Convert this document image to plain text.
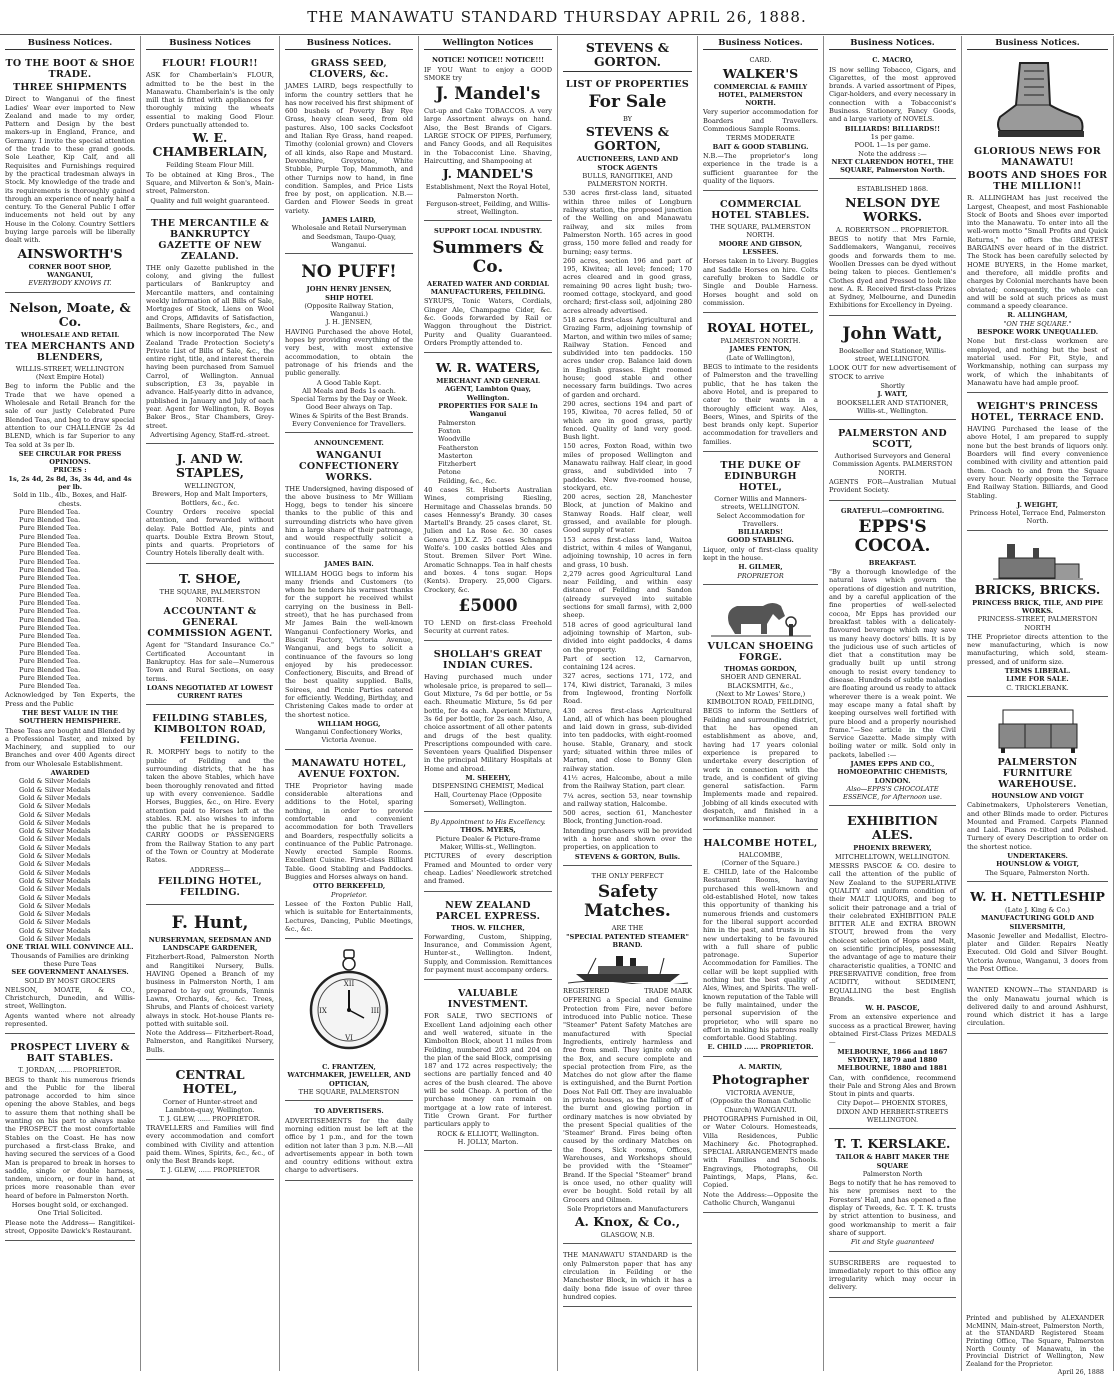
THE MANAWATU STANDARD THURSDAY APRIL 26, 1888.
Business Notices.
TO THE BOOT & SHOE TRADE.
THREE SHIPMENTS

Direct to Wanganui of the finest Ladies' Wear ever imported to New Zealand and made to my order, Pattern and Design by the best makers-up in England, France, and Germany. I invite the special attention of the trade to these grand goods. Sole Leather, Kip Calf, and all Requisites and Furnishings required by the practical tradesman always in Stock. My knowledge of the trade and its requirements is thoroughly gained through an experience of nearly half a century. To the General Public I offer inducements not held out by any House in the Colony. Country Settlers buying large parcels will be liberally dealt with.

AINSWORTH'S
CORNER BOOT SHOP, WANGANUI,
EVERYBODY KNOWS IT.
Nelson, Moate, & Co.
WHOLESALE AND RETAIL
TEA MERCHANTS AND BLENDERS,
WILLIS-STREET, WELLINGTON
(Next Empire Hotel)

Beg to inform the Public and the Trade that we have opened a Wholesale and Retail Branch for the sale of our justly Celebrated Pure Blended Teas, and beg to draw special attention to our CHALLENGE 2s 4d BLEND, which is far Superior to any Tea sold at 3s per lb.

SEE CIRCULAR FOR PRESS OPINIONS.
PRICES :
1s, 2s 4d, 2s 8d, 3s, 3s 4d, and 4s per lb.
Sold in 1lb., 4lb., Boxes, and Half-chests.
Pure Blended Tea.
Pure Blended Tea.
Pure Blended Tea.
Pure Blended Tea.
Pure Blended Tea.
Pure Blended Tea.
Pure Blended Tea.
Pure Blended Tea.
Pure Blended Tea.
Pure Blended Tea.
Pure Blended Tea.
Pure Blended Tea.
Pure Blended Tea.
Pure Blended Tea.
Pure Blended Tea.
Pure Blended Tea.
Pure Blended Tea.
Pure Blended Tea.
Pure Blended Tea.
Pure Blended Tea.
Pure Blended Tea.
Pure Blended Tea.

Acknowledged by Ten Experts, the Press and the Public

THE BEST VALUE IN THE SOUTHERN HEMISPHERE.

These Teas are bought and Blended by a Professional Taster, and mixed by Machinery, and supplied to our Branches and over 400 Agents direct from our Wholesale Establishment.

AWARDED
Gold & Silver Medals
Gold & Silver Medals
Gold & Silver Medals
Gold & Silver Medals
Gold & Silver Medals
Gold & Silver Medals
Gold & Silver Medals
Gold & Silver Medals
Gold & Silver Medals
Gold & Silver Medals
Gold & Silver Medals
Gold & Silver Medals
Gold & Silver Medals
Gold & Silver Medals
Gold & Silver Medals
Gold & Silver Medals
Gold & Silver Medals
Gold & Silver Medals
Gold & Silver Medals
Gold & Silver Medals
ONE TRIAL WILL CONVINCE ALL.
Thousands of Families are drinking these Pure Teas
SEE GOVERNMENT ANALYSES.
SOLD BY MOST GROCERS

NELSON, MOATE, & CO., Christchurch, Dunedin, and Willis-street, Wellington.

Agents wanted where not already represented.

PROSPECT LIVERY & BAIT STABLES.
T. JORDAN, ...... PROPRIETOR.

BEGS to thank his numerous friends and the Public for the liberal patronage accorded to him since opening the above Stables, and begs to assure them that nothing shall be wanting on his part to always make the PROSPECT the most comfortable Stables on the Coast. He has now purchased a first-class Brake, and having secured the services of a Good Man is prepared to break in horses to saddle, single or double harness, tandem, unicorn, or four in hand, at prices more reasonable than ever heard of before in Palmerston North.

Horses bought sold, or exchanged.
One Trial Solicited.

Please note the Address— Rangitikei-street, Opposite Dawick's Restaurant.

Business Notices
FLOUR! FLOUR!!

ASK for Chamberlain's FLOUR, admitted to be the best in the Manawatu. Chamberlain's is the only mill that is fitted with appliances for thoroughly mixing the wheats essential to making Good Flour. Orders punctually attended to.

W. E. CHAMBERLAIN,
Feilding Steam Flour Mill.

To be obtained at King Bros., The Square, and Milverton & Son's, Main-street, Palmerston.

Quality and full weight guaranteed.
THE MERCANTILE & BANKRUPTCY GAZETTE OF NEW ZEALAND.

THE only Gazette published in the colony, and giving the fullest particulars of Bankruptcy and Mercantile matters, and containing weekly information of all Bills of Sale, Mortgages of Stock, Liens on Wool and Crops, Affidavits of Satisfaction, Bailments, Share Registers, &c., and which is now incorporated The New Zealand Trade Protection Society's Private List of Bills of Sale, &c., the entire right, title, and interest therein having been purchased from Samuel Carrol, of Wellington. Annual subscription, £3 3s, payable in advance. Half-yearly ditto in advance, published in January and July of each year. Agent for Wellington, R. Boyes Baker Bros., Star Chambers, Grey-street.

Advertising Agency, Staff-rd.-street.
J. AND W. STAPLES,
WELLINGTON,
Brewers, Hop and Malt Importers, Bottlers, &c., &c.

Country Orders receive special attention, and forwarded without delay. Pale Bottled Ale, pints and quarts. Double Extra Brown Stout, pints and quarts. Proprietors of Country Hotels liberally dealt with.

T. SHOE,
THE SQUARE, PALMERSTON NORTH.
ACCOUNTANT & GENERAL COMMISSION AGENT.

Agent for "Standard Insurance Co." Certificated Accountant in Bankruptcy. Has for sale—Numerous Town and Rural Sections, on easy terms.

LOANS NEGOTIATED AT LOWEST CURRENT RATES
FEILDING STABLES, KIMBOLTON ROAD, FEILDING.

R. MORPHY begs to notify to the public of Feilding and the surrounding districts, that he has taken the above Stables, which have been thoroughly renovated and fitted up with every convenience. Saddle Horses, Buggies, &c., on Hire. Every attention paid to Horses left at the stables. R.M. also wishes to inform the public that he is prepared to CARRY GOODS or PASSENGERS from the Railway Station to any part of the Town or Country at Moderate Rates.

ADDRESS—
FEILDING HOTEL, FEILDING.
F. Hunt,
NURSERYMAN, SEEDSMAN AND LANDSCAPE GARDENER,

Fitzherbert-Road, Palmerston North and Rangitikei Nursery, Bulls. HAVING Opened a Branch of my business in Palmerston North, I am prepared to lay out grounds, Tennis Lawns, Orchards, &c., &c. Trees, Shrubs, and Plants of choicest variety always in stock. Hot-house Plants re-potted with suitable soil.

Note the Address— Fitzherbert-Road, Palmerston, and Rangitikei Nursery, Bulls.

CENTRAL HOTEL,
Corner of Hunter-street and Lambton-quay, Wellington.
T. J. GLEW, ...... PROPRIETOR.

TRAVELLERS and Families will find every accommodation and comfort combined with Civility and attention paid them. Wines, Spirits, &c., &c., of only the Best Brands kept.

T. J. GLEW, ...... PROPRIETOR
Business Notices.
GRASS SEED, CLOVERS, &c.

JAMES LAIRD, begs respectfully to inform the country settlers that he has now received his first shipment of 600 bushels of Poverty Bay Rye Grass, heavy clean seed, from old pastures. Also, 100 sacks Cocksfoot and Italian Rye Grass, hand reaped. Timothy (colonial grown) and Clovers of all kinds, also Rape and Mustard. Devonshire, Greystone, White Stubble, Purple Top, Mammoth, and other Turnips now to hand, in fine condition. Samples, and Price Lists free by post, on application. N.B.—Garden and Flower Seeds in great variety.

JAMES LAIRD,
Wholesale and Retail Nurseryman and Seedsman, Taupo-Quay, Wanganui.
NO PUFF!
JOHN HENRY JENSEN,
SHIP HOTEL
(Opposite Railway Station, Wanganui.)
J. H. JENSEN,

HAVING Purchased the above Hotel, hopes by providing everything of the very best, with most extensive accommodation, to obtain the patronage of his friends and the public generally.

A Good Table Kept.
All Meals and Beds 1s each.
Special Terms by the Day or Week.
Good Beer always on Tap.
Wines & Spirits of the Best Brands. Every Convenience for Travellers.
ANNOUNCEMENT.
WANGANUI CONFECTIONERY WORKS.

THE Undersigned, having disposed of the above business to Mr William Hogg, begs to tender his sincere thanks to the public of this and surrounding districts who have given him a large share of their patronage, and would respectfully solicit a continuance of the same for his successor.

JAMES BAIN.

WILLIAM HOGG begs to inform his many friends and Customers (to whom he tenders his warmest thanks for the support he received whilst carrying on the business in Bell-street), that he has purchased from Mr James Bain the well-known Wanganui Confectionery Works, and Biscuit Factory, Victoria Avenue, Wanganui, and begs to solicit a continuance of the favours so long enjoyed by his predecessor. Confectionery, Biscuits, and Bread of the best quality supplied. Balls, Soirees, and Picnic Parties catered for efficiently. Wedding, Birthday, and Christening Cakes made to order at the shortest notice.

WILLIAM HOGG,
Wanganui Confectionery Works, Victoria Avenue.
MANAWATU HOTEL, AVENUE FOXTON.

THE Proprietor having made considerable alterations and additions to the Hotel, sparing nothing, in order to provide comfortable and convenient accommodation for both Travellers and Boarders, respectfully solicits a continuance of the Public Patronage. Newly erected Sample Rooms. Excellent Cuisine. First-class Billiard Table. Good Stabling and Paddocks. Buggies and Horses always on hand.

OTTO BERKEFELD,
Proprietor.

Lessee of the Foxton Public Hall, which is suitable for Entertainments, Lectures, Dancing, Public Meetings, &c., &c.

XII
III
VI
IX
C. FRANTZEN,
WATCHMAKER, JEWELLER, AND OPTICIAN,
THE SQUARE, PALMERSTON
TO ADVERTISERS.

ADVERTISEMENTS for the daily morning edition must be left at the office by 1 p.m., and for the town edition not later than 3 p.m. N.B.—All advertisements appear in both town and country editions without extra charge to advertisers.

Wellington Notices
NOTICE! NOTICE!! NOTICE!!!

IF YOU Want to enjoy a GOOD SMOKE try

J. Mandel's

Cut-up and Cake TOBACCOS. A very large Assortment always on hand. Also, the Best Brands of Cigars. LARGE STOCK OF PIPES, Perfumery, and Fancy Goods, and all Requisites in the Tobacconist Line. Shaving, Haircutting, and Shampooing at

J. MANDEL'S
Establishment, Next the Royal Hotel, Palmerston North.
Ferguson-street, Feilding, and Willis-street, Wellington.
SUPPORT LOCAL INDUSTRY.
Summers & Co.
AERATED WATER AND CORDIAL MANUFACTURERS, FEILDING.

SYRUPS, Tonic Waters, Cordials, Ginger Ale, Champagne Cider, &c. &c. Goods forwarded by Rail or Waggon throughout the District. Purity and Quality Guaranteed. Orders Promptly attended to.

W. R. WATERS,
MERCHANT AND GENERAL AGENT, Lambton Quay, Wellington.
PROPERTIES FOR SALE In Wanganui
Palmerston
Foxton
Woodville
Featherston
Masterton
Fitzherbert
Petone
Feilding, &c., &c.

40 cases St. Huberts Australian Wines, comprising Riesling, Hermitage and Chasselas brands. 50 cases Hennessy's Brandy. 30 cases Martell's Brandy. 25 cases claret, St. Julien and La Rose &c. 30 cases Geneva J.D.K.Z. 25 cases Schnapps Wolfe's. 100 casks bottled Ales and Stout. Bremen Silver Port Wine. Aromatic Schnapps. Tea in half chests and boxes. 4 tons sugar. Hops (Kents). Drapery. 25,000 Cigars. Crockery, &c.

£5000

TO LEND on first-class Freehold Security at current rates.

SHOLLAH'S GREAT INDIAN CURES.

Having purchased much under wholesale price, is prepared to sell— Gout Mixture, 7s 6d per bottle, or 5s each. Rheumatic Mixture, 5s 6d per bottle, for 4s each. Aperient Mixture, 3s 6d per bottle, for 2s each. Also, A choice assortment of all other patents and drugs of the best quality. Prescriptions compounded with care. Seventeen years Qualified Dispenser in the principal Military Hospitals at Home and abroad.

M. SHEEHY,
DISPENSING CHEMIST, Medical Hall, Courtenay Place (Opposite Somerset), Wellington.
By Appointment to His Excellency.
THOS. MYERS,
Picture Dealer & Picture-frame Maker, Willis-st., Wellington.

PICTURES of every description Framed and Mounted to order very cheap. Ladies' Needlework stretched and framed.

NEW ZEALAND PARCEL EXPRESS.
THOS. W. FILCHER,

Forwarding, Custom, Shipping, Insurance, and Commission Agent, Hunter-st., Wellington. Indent, Supply, and Commission. Remittances for payment must accompany orders.

VALUABLE INVESTMENT.

FOR SALE, TWO SECTIONS of Excellent Land adjoining each other and well watered, situate in the Kimbolton Block, about 11 miles from Feilding, numbered 203 and 204 on the plan of the said Block, comprising 187 and 172 acres respectively; the sections are partially fenced and 40 acres of the bush cleared. The above will be sold Cheap. A portion of the purchase money can remain on mortgage at a low rate of interest. Title Crown Grant. For further particulars apply to

ROCK & ELLIOTT, Wellington.
H. JOLLY, Marton.
STEVENS & GORTON.
LIST OF PROPERTIES
For Sale
BY
STEVENS & GORTON,
AUCTIONEERS, LAND AND STOCK AGENTS
BULLS, RANGITIKEI, AND PALMERSTON NORTH.

530 acres first-class land, situated within three miles of Longburn railway station, the proposed junction of the Welling on and Manawatu railway, and six miles from Palmerston North. 165 acres in good grass, 150 more felled and ready for burning; easy terms.

260 acres, section 196 and part of 195, Kiwitea; all level; fenced; 170 acres cleared and in good grass, remaining 90 acres light bush; two-roomed cottage, stockyard, and good orchard; first-class soil, adjoining 280 acres already advertised.

518 acres first-class Agricultural and Grazing Farm, adjoining township of Marton, and within two miles of same; Railway Station. Fenced and subdivided into ten paddocks. 150 acres under crop. Balance laid down in English grasses. Eight roomed house; good stable and other necessary farm buildings. Two acres of garden and orchard.

290 acres, sections 194 and part of 195, Kiwitea, 70 acres felled, 50 of which are in good grass, partly fenced. Quality of land very good. Bush light.

150 acres, Foxton Road, within two miles of proposed Wellington and Manawatu railway. Half clear, in good grass, and subdivided into 7 paddocks. New five-roomed house, stockyard, etc.

200 acres, section 28, Manchester Block, at junction of Makino and Stanway Roads. Half clear, well grassed, and available for plough. Good supply of water.

153 acres first-class land, Waitoa district, within 4 miles of Wanganui, adjoining township, 10 acres in fern and grass, 10 bush.

2,279 acres good Agricultural Land near Feilding, and within easy distance of Feilding and Sandon (already surveyed into suitable sections for small farms), with 2,000 sheep.

518 acres of good agricultural land adjoining township of Marton, sub-divided into eight paddocks, 4 dams on the property.

Part of section 12, Carnarvon, containing 124 acres.

327 acres, sections 171, 172, and 174, Kiwi district, Taranaki, 3 miles from Inglewood, fronting Norfolk Road.

430 acres first-class Agricultural Land, all of which has been ploughed and laid down in grass, sub-divided into ten paddocks, with eight-roomed house. Stable, Granary, and stock yard; situated within three miles of Marton, and close to Bonny Glen railway station.

41½ acres, Halcombe, about a mile from the Railway Station, part clear.

7¼ acres, section 53, near township and railway station, Halcombe.

500 acres, section 61, Manchester Block, fronting Junction-road.

Intending purchasers will be provided with a horse and shown over the properties, on application to

STEVENS & GORTON, Bulls.
THE ONLY PERFECT
Safety Matches.
ARE THE
"SPECIAL PATENTED STEAMER" BRAND.
REGISTERED	TRADE MARK

OFFERING a Special and Genuine Protection from Fire, never before introduced into Public notice. These "Steamer" Patent Safety Matches are manufactured with Special Ingredients, entirely harmless and free from smell. They ignite only on the Box, and secure complete and special protection from Fire, as the Matches do not glow after the flame is extinguished, and the Burnt Portion Does Not Fall Off. They are invaluable in private houses, as the falling off of the burnt and glowing portion in ordinary matches is now obviated by the present Special qualities of the 'Steamer' Brand. Fires being often caused by the ordinary Matches on the floors, Sick rooms, Offices, Warehouses, and Workshops should be provided with the "Steamer" Brand. If the Special "Steamer" brand is once used, no other quality will ever be bought. Sold retail by all Grocers and Oilmen.

Sole Proprietors and Manufacturers
A. Knox, & Co.,
GLASGOW, N.B.

THE MANAWATU STANDARD is the only Palmerston paper that has any circulation in Feilding or the Manchester Block, in which it has a daily bona fide issue of over three hundred copies.

Business Notices.
CARD.
WALKER'S
COMMERCIAL & FAMILY HOTEL, PALMERSTON NORTH.

Very superior accommodation for Boarders and Travellers. Commodious Sample Rooms.

TERMS MODERATE
BAIT & GOOD STABLING.

N.B.—The proprietor's long experience in the trade is a sufficient guarantee for the quality of the liquors.

COMMERCIAL HOTEL STABLES.
THE SQUARE, PALMERSTON NORTH.
MOORE AND GIBSON, LESSEES.

Horses taken in to Livery. Buggies and Saddle Horses on hire. Colts carefully broken to Saddle or Single and Double Harness. Horses bought and sold on commission.

ROYAL HOTEL,
PALMERSTON NORTH.
JAMES FENTON,
(Late of Wellington),

BEGS to intimate to the residents of Palmerston and the travelling public, that he has taken the above Hotel, and is prepared to cater to their wants in a thoroughly efficient way. Ales, Beers, Wines, and Spirits of the best brands only kept. Superior accommodation for travellers and families.

THE DUKE OF EDINBURGH HOTEL,
Corner Willis and Manners-streets, WELLINGTON.
Select Accommodation for Travellers.
BILLIARDS!
GOOD STABLING.

Liquor, only of first-class quality kept in the house.

H. GILMER,
PROPRIETOR
VULCAN SHOEING FORGE.
THOMAS GORDON,
SHOER AND GENERAL BLACKSMITH, &c.,
(Next to Mr Lowes' Store,)
KIMBOLTON ROAD, FEILDING,

BEGS to inform the Settlers of Feilding and surrounding district, that he has opened an establishment as above, and, having had 17 years colonial experience is prepared to undertake every description of work in connection with the trade, and is confident of giving general satisfaction. Farm Implements made and repaired. Jobbing of all kinds executed with despatch, and finished in a workmanlike manner.

HALCOMBE HOTEL,
HALCOMBE,
(Corner of the Square.)

E. CHILD, late of the Halcombe Restaurant Rooms, having purchased this well-known and old-established Hotel, now takes this opportunity of thanking his numerous friends and customers for the liberal support accorded him in the past, and trusts in his new undertaking to be favoured with a full share of public patronage. Superior Accommodation for Families. The cellar will be kept supplied with nothing but the best quality of Ales, Wines, and Spirits. The well-known reputation of the Table will be fully maintained, under the personal supervision of the proprietor, who will spare no effort in making his patrons really comfortable. Good Stabling.

E. CHILD ...... PROPRIETOR.
A. MARTIN,
Photographer
VICTORIA AVENUE,
(Opposite the Roman Catholic Church) WANGANUI.

PHOTOGRAPHS Furnished in Oil, or Water Colours. Homesteads, Villa Residences, Public Machinery &c. Photographed. SPECIAL ARRANGEMENTS made with Families and Schools. Engravings, Photographs, Oil Paintings, Maps, Plans, &c. Copied.

Note the Address:—Opposite the Catholic Church, Wanganui

Business Notices.
C. MACRO,

IS now selling Tobacco, Cigars, and Cigarettes, of the most approved brands. A varied assortment of Pipes, Cigar-holders, and every necessary in connection with a Tobacconist's Business. Stationery, Fancy Goods, and a large variety of NOVELS.

BILLIARDS! BILLIARDS!!
1s per game.
POOL 1—1s per game.
Note the address :—
NEXT CLARENDON HOTEL, THE SQUARE, Palmerston North.
ESTABLISHED 1868.
NELSON DYE WORKS.
A. ROBERTSON ... PROPRIETOR.

BEGS to notify that Mrs Farnie, Saddlemakers, Wanganui, receives goods and forwards them to me. Woollen Dresses can be dyed without being taken to pieces. Gentlemen's Clothes dyed and Pressed to look like new. A. R. Received first-class Prizes at Sydney, Melbourne, and Dunedin Exhibitions for Excellency in Dyeing.

John Watt,
Bookseller and Stationer, Willis-street, WELLINGTON.

LOOK OUT for new advertisement of STOCK to arrive

Shortly
J. WATT,
BOOKSELLER AND STATIONER, Willis-st., Wellington.
PALMERSTON AND SCOTT,
Authorised Surveyors and General Commission Agents. PALMERSTON NORTH.

AGENTS FOR—Australian Mutual Provident Society.

GRATEFUL—COMFORTING.
EPPS'S COCOA.
BREAKFAST.

"By a thorough knowledge of the natural laws which govern the operations of digestion and nutrition, and by a careful application of the fine properties of well-selected cocoa, Mr Epps has provided our breakfast tables with a delicately-flavoured beverage which may save us many heavy doctors' bills. It is by the judicious use of such articles of diet that a constitution may be gradually built up until strong enough to resist every tendency to disease. Hundreds of subtle maladies are floating around us ready to attack wherever there is a weak point. We may escape many a fatal shaft by keeping ourselves well fortified with pure blood and a properly nourished frame."—See article in the Civil Service Gazette. Made simply with boiling water or milk. Sold only in packets, labelled :—

JAMES EPPS AND CO., HOMOEOPATHIC CHEMISTS, LONDON.
Also—EPPS'S CHOCOLATE ESSENCE, for Afternoon use.
EXHIBITION ALES.
PHOENIX BREWERY,
MITCHELLTOWN, WELLINGTON.

MESSRS PASCOE & CO. desire to call the attention of the public of New Zealand to the SUPERLATIVE QUALITY and uniform condition of their MALT LIQUORS, and beg to solicit their patronage and a trial of their celebrated EXHIBITION PALE BITTER ALE and EXTRA BROWN STOUT, brewed from the very choicest selection of Hops and Malt, on scientific principles, possessing the advantage of age to mature their characteristic qualities, a TONIC and PRESERVATIVE condition, free from ACIDITY, without SEDIMENT, EQUALLING the best English Brands.

W. H. PASCOE,

From an extensive experience and success as a practical Brewer, having obtained First-Class Prizes MEDALS—

MELBOURNE, 1866 and 1867 SYDNEY, 1879 and 1880 MELBOURNE, 1880 and 1881

Can, with confidence, recommend their Pale and Strong Ales and Brown Stout in pints and quarts.

City Depot— PHOENIX STORES, DIXON AND HERBERT-STREETS WELLINGTON.
T. T. KERSLAKE.
TAILOR & HABIT MAKER THE SQUARE
Palmerston North

Begs to notify that he has removed to his new premises next to the Foresters' Hall, and has opened a fine display of Tweeds, &c. T. T. K. trusts by strict attention to business, and good workmanship to merit a fair share of support.

Fit and Style guaranteed

SUBSCRIBERS are requested to immediately report to this office any irregularity which may occur in delivery.

Business Notices.
GLORIOUS NEWS FOR MANAWATU!
BOOTS AND SHOES FOR THE MILLION!!

R. ALLINGHAM has just received the Largest, Cheapest, and most Fashionable Stock of Boots and Shoes ever imported into the Manawatu. To enter into all the well-worn motto "Small Profits and Quick Returns," he offers the GREATEST BARGAINS ever heard of in the district. The Stock has been carefully selected by HOME BUYERS, in the Home market, and therefore, all middle profits and charges by Colonial merchants have been obviated; consequently, the whole can and will be sold at such prices as must command a speedy clearance.

R. ALLINGHAM,
"ON THE SQUARE."
BESPOKE WORK UNEQUALLED.

None but first-class workmen are employed, and nothing but the best of material used. For Fit, Style, and Workmanship, nothing can surpass my work, of which the inhabitants of Manawatu have had ample proof.

WEIGHT'S PRINCESS HOTEL, TERRACE END.

HAVING Purchased the lease of the above Hotel, I am prepared to supply none but the best brands of liquors only. Boarders will find every convenience combined with civility and attention paid them. Coach to and from the Square every hour. Nearly opposite the Terrace End Railway Station. Billiards, and Good Stabling.

J. WEIGHT,
Princess Hotel, Terrace End, Palmerston North.
BRICKS, BRICKS.
PRINCESS BRICK, TILE, AND PIPE WORKS.
PRINCESS-STREET, PALMERSTON NORTH

THE Proprietor directs attention to the new manufacturing, which is now manufacturing, which sold, steam-pressed, and of uniform size.

TERMS LIBERAL.
LIME FOR SALE.
C. TRICKLEBANK.
PALMERSTON FURNITURE WAREHOUSE.
HOUNSLOW AND VOIGT

Cabinetmakers, Upholsterers Venetian, and other Blinds made to order. Pictures Mounted and Framed. Carpets Planned and Laid. Pianos re-tilted and Polished. Turnery of every Description to order on the shortest notice.

UNDERTAKERS.
HOUNSLOW & VOIGT,
The Square, Palmerston North.
W. H. NETTLESHIP
(Late J. King & Co.)
MANUFACTURING GOLD AND SILVERSMITH,

Masonic Jeweller and Medallist, Electro-plater and Gilder. Repairs Neatly Executed. Old Gold and Silver Bought. Victoria Avenue, Wanganui, 3 doors from the Post Office.

WANTED KNOWN—The STANDARD is the only Manawatu journal which is delivered daily to and around Ashhurst, round which district it has a large circulation.

Printed and published by ALEXANDER McMINN, Main-street, Palmerston North, at the STANDARD Registered Steam Printing Office, The Square, Palmerston North County of Manawatu, in the Provincial District of Wellington, New Zealand for the Proprietor.

April 26, 1888
